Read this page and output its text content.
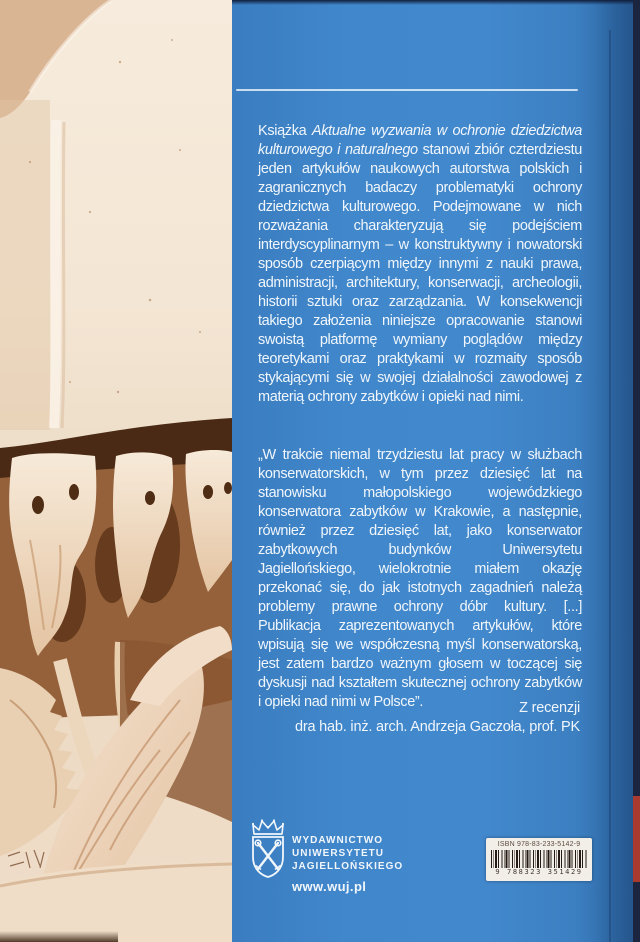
Książka Aktualne wyzwania w ochronie dziedzictwa kulturowego i naturalnego stanowi zbiór czterdziestu jeden artykułów naukowych autorstwa polskich i zagranicznych badaczy problematyki ochrony dziedzictwa kulturowego. Podejmowane w nich rozważania charakteryzują się podejściem interdyscyplinarnym – w konstruktywny i nowatorski sposób czerpiącym między innymi z nauki prawa, administracji, architektury, konserwacji, archeologii, historii sztuki oraz zarządzania. W konsekwencji takiego założenia niniejsze opracowanie stanowi swoistą platformę wymiany poglądów między teoretykami oraz praktykami w rozmaity sposób stykającymi się w swojej działalności zawodowej z materią ochrony zabytków i opieki nad nimi.

„W trakcie niemal trzydziestu lat pracy w służbach konserwatorskich, w tym przez dziesięć lat na stanowisku małopolskiego wojewódzkiego konserwatora zabytków w Krakowie, a następnie, również przez dziesięć lat, jako konserwator zabytkowych budynków Uniwersytetu Jagiellońskiego, wielokrotnie miałem okazję przekonać się, do jak istotnych zagadnień należą problemy prawne ochrony dóbr kultury. [...] Publikacja zaprezentowanych artykułów, które wpisują się we współczesną myśl konserwatorską, jest zatem bardzo ważnym głosem w toczącej się dyskusji nad kształtem skutecznej ochrony zabytków i opieki nad nimi w Polsce”.	Z recenzji
dra hab. inż. arch. Andrzeja Gaczoła, prof. PK
WYDAWNICTWO
UNIWERSYTETU
JAGIELLOŃSKIEGO
www.wuj.pl
ISBN 978-83-233-5142-9
9 788323 351429
